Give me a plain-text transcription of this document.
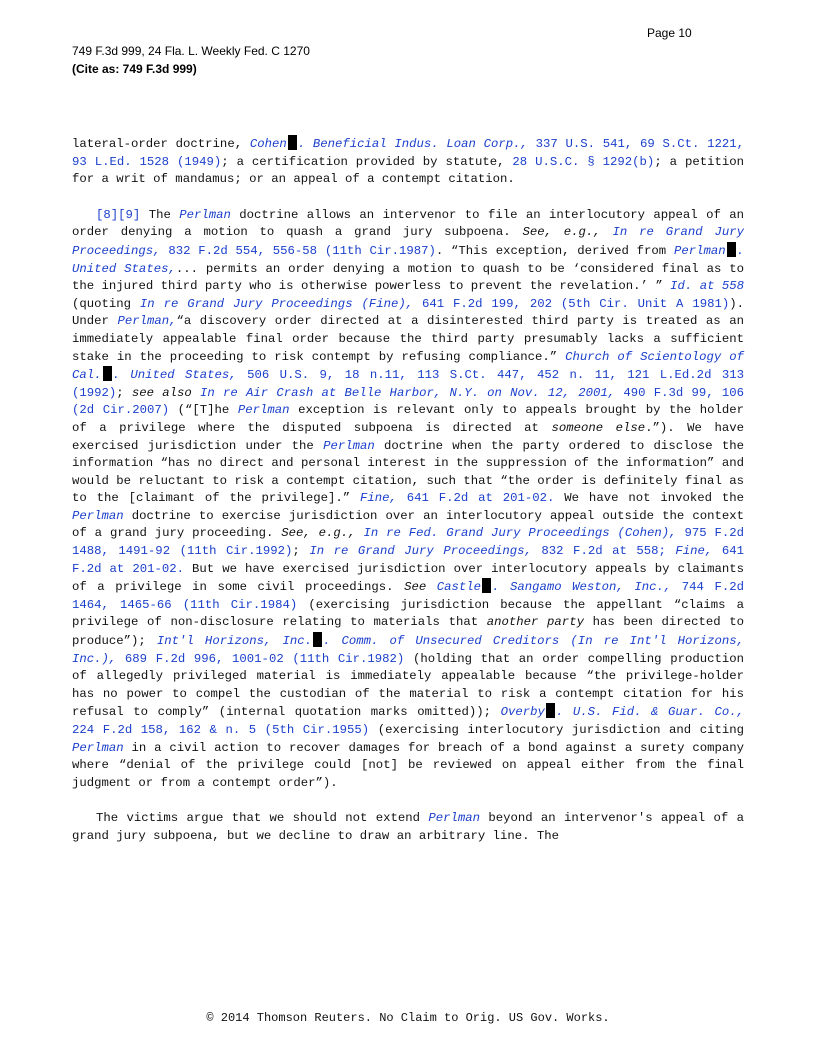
Page 10
749 F.3d 999, 24 Fla. L. Weekly Fed. C 1270
(Cite as: 749 F.3d 999)

lateral-order doctrine, Cohen . Beneficial Indus. Loan Corp., 337 U.S. 541, 69 S.Ct. 1221, 93 L.Ed. 1528 (1949); a certification provided by statute, 28 U.S.C. § 1292(b); a petition for a writ of mandamus; or an appeal of a contempt citation.

[8][9] The Perlman doctrine allows an intervenor to file an interlocutory appeal of an order denying a motion to quash a grand jury subpoena. See, e.g., In re Grand Jury Proceedings, 832 F.2d 554, 556-58 (11th Cir.1987). “This exception, derived from Perlman . United States,... permits an order denying a motion to quash to be ‘considered final as to the injured third party who is otherwise powerless to prevent the revelation.’ ” Id. at 558 (quoting In re Grand Jury Proceedings (Fine), 641 F.2d 199, 202 (5th Cir. Unit A 1981)). Under Perlman,“a discovery order directed at a disinterested third party is treated as an immediately appealable final order because the third party presumably lacks a sufficient stake in the proceeding to risk contempt by refusing compliance.” Church of Scientology of Cal. . United States, 506 U.S. 9, 18 n.11, 113 S.Ct. 447, 452 n. 11, 121 L.Ed.2d 313 (1992); see also In re Air Crash at Belle Harbor, N.Y. on Nov. 12, 2001, 490 F.3d 99, 106 (2d Cir.2007) (“[T]he Perlman exception is relevant only to appeals brought by the holder of a privilege where the disputed subpoena is directed at someone else.”). We have exercised jurisdiction under the Perlman doctrine when the party ordered to disclose the information “has no direct and personal interest in the suppression of the information” and would be reluctant to risk a contempt citation, such that “the order is definitely final as to the [claimant of the privilege].” Fine, 641 F.2d at 201-02. We have not invoked the Perlman doctrine to exercise jurisdiction over an interlocutory appeal outside the context of a grand jury proceeding. See, e.g., In re Fed. Grand Jury Proceedings (Cohen), 975 F.2d 1488, 1491-92 (11th Cir.1992); In re Grand Jury Proceedings, 832 F.2d at 558; Fine, 641 F.2d at 201-02. But we have exercised jurisdiction over interlocutory appeals by claimants of a privilege in some civil proceedings. See Castle . Sangamo Weston, Inc., 744 F.2d 1464, 1465-66 (11th Cir.1984) (exercising jurisdiction because the appellant “claims a privilege of non-disclosure relating to materials that another party has been directed to produce”); Int'l Horizons, Inc. . Comm. of Unsecured Creditors (In re Int'l Horizons, Inc.), 689 F.2d 996, 1001-02 (11th Cir.1982) (holding that an order compelling production of allegedly privileged material is immediately appealable because “the privilege-holder has no power to compel the custodian of the material to risk a contempt citation for his refusal to comply” (internal quotation marks omitted)); Overby . U.S. Fid. & Guar. Co., 224 F.2d 158, 162 & n. 5 (5th Cir.1955) (exercising interlocutory jurisdiction and citing Perlman in a civil action to recover damages for breach of a bond against a surety company where “denial of the privilege could [not] be reviewed on appeal either from the final judgment or from a contempt order”).

The victims argue that we should not extend Perlman beyond an intervenor's appeal of a grand jury subpoena, but we decline to draw an arbitrary line. The

© 2014 Thomson Reuters. No Claim to Orig. US Gov. Works.
